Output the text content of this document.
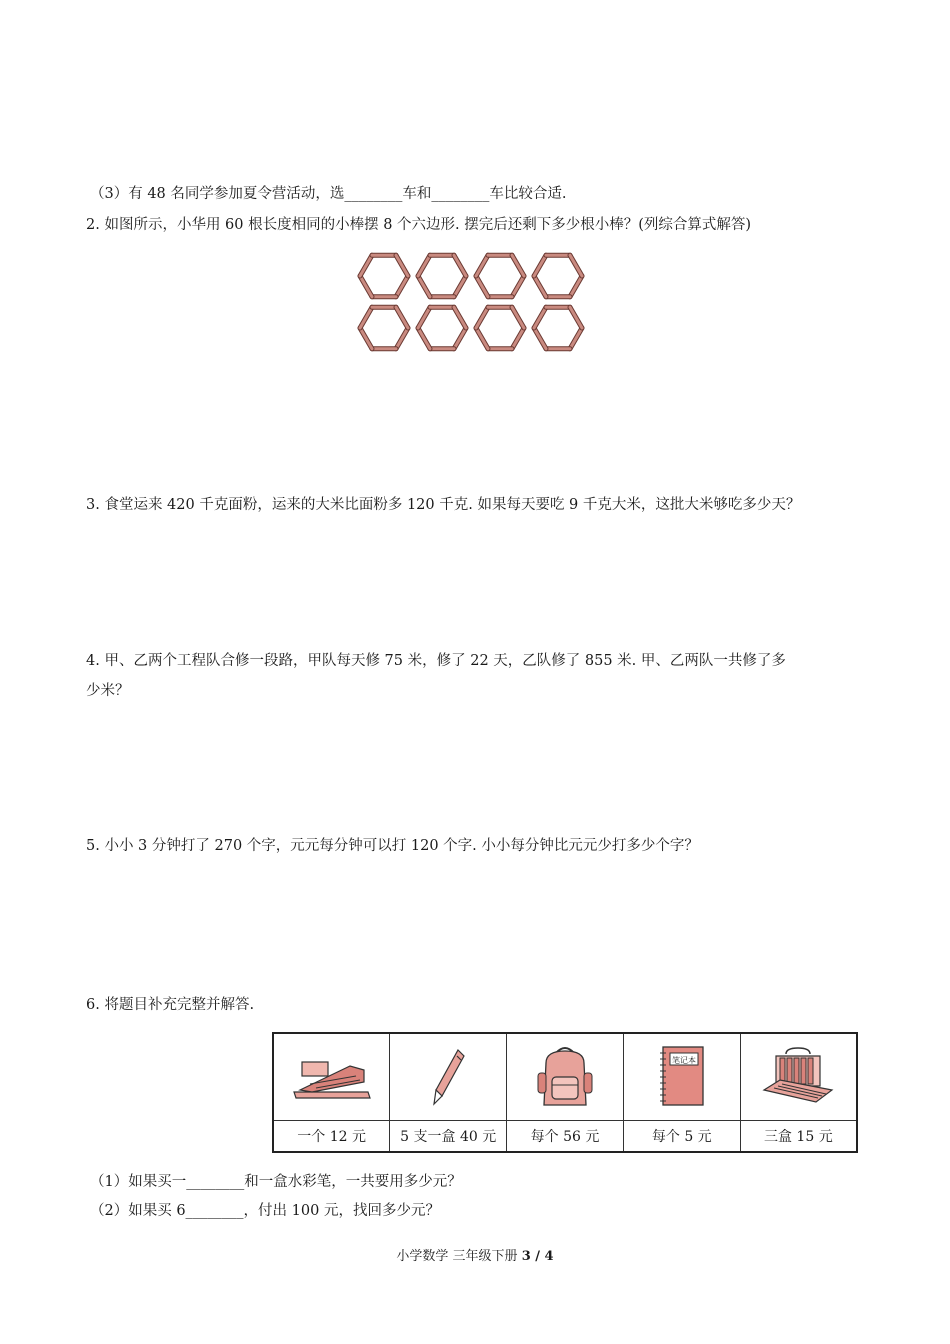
（3）有 48 名同学参加夏令营活动，选________车和________车比较合适.
2. 如图所示，小华用 60 根长度相同的小棒摆 8 个六边形. 摆完后还剩下多少根小棒？(列综合算式解答)
3. 食堂运来 420 千克面粉，运来的大米比面粉多 120 千克. 如果每天要吃 9 千克大米，这批大米够吃多少天？
4. 甲、乙两个工程队合修一段路，甲队每天修 75 米，修了 22 天，乙队修了 855 米. 甲、乙两队一共修了多
少米？
5. 小小 3 分钟打了 270 个字，元元每分钟可以打 120 个字. 小小每分钟比元元少打多少个字？
6. 将题目补充完整并解答.

笔记本

一个 12 元	5 支一盒 40 元	每个 56 元	每个 5 元	三盒 15 元
（1）如果买一________和一盒水彩笔，一共要用多少元？
（2）如果买 6________，付出 100 元，找回多少元？
小学数学 三年级下册 3 / 4
